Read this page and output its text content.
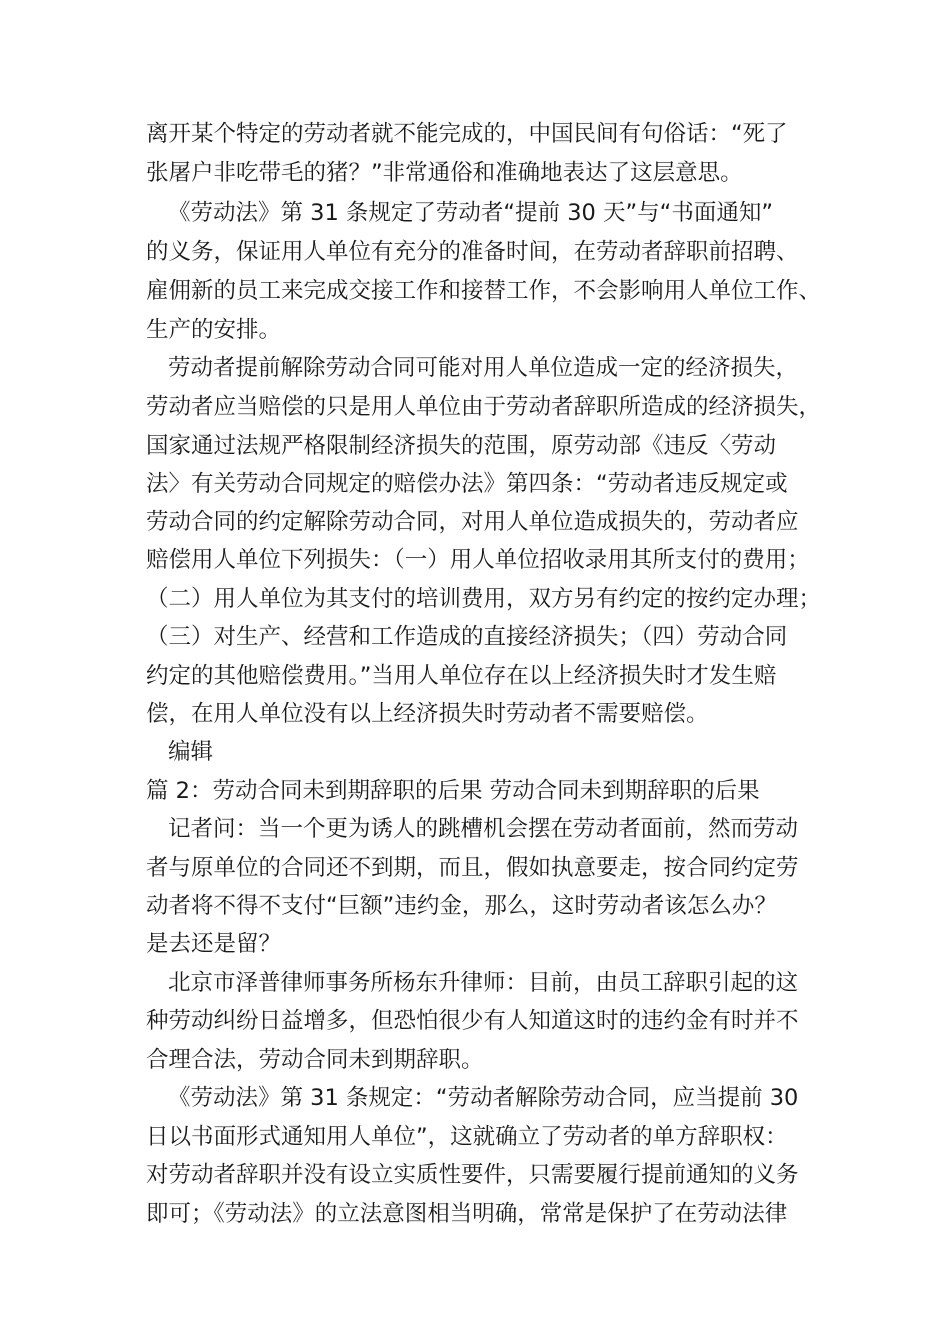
离开某个特定的劳动者就不能完成的，中国民间有句俗话：“死了
张屠户非吃带毛的猪？”非常通俗和准确地表达了这层意思。
《劳动法》第 31 条规定了劳动者“提前 30 天”与“书面通知”
的义务，保证用人单位有充分的准备时间，在劳动者辞职前招聘、
雇佣新的员工来完成交接工作和接替工作，不会影响用人单位工作、
生产的安排。
劳动者提前解除劳动合同可能对用人单位造成一定的经济损失，
劳动者应当赔偿的只是用人单位由于劳动者辞职所造成的经济损失，
国家通过法规严格限制经济损失的范围，原劳动部《违反〈劳动
法〉有关劳动合同规定的赔偿办法》第四条：“劳动者违反规定或
劳动合同的约定解除劳动合同，对用人单位造成损失的，劳动者应
赔偿用人单位下列损失：（一）用人单位招收录用其所支付的费用；
（二）用人单位为其支付的培训费用，双方另有约定的按约定办理；
（三）对生产、经营和工作造成的直接经济损失；（四）劳动合同
约定的其他赔偿费用。”当用人单位存在以上经济损失时才发生赔
偿，在用人单位没有以上经济损失时劳动者不需要赔偿。
编辑
篇 2：劳动合同未到期辞职的后果 劳动合同未到期辞职的后果
记者问：当一个更为诱人的跳槽机会摆在劳动者面前，然而劳动
者与原单位的合同还不到期，而且，假如执意要走，按合同约定劳
动者将不得不支付“巨额”违约金，那么，这时劳动者该怎么办？
是去还是留？
北京市泽普律师事务所杨东升律师：目前，由员工辞职引起的这
种劳动纠纷日益增多，但恐怕很少有人知道这时的违约金有时并不
合理合法，劳动合同未到期辞职。
《劳动法》第 31 条规定：“劳动者解除劳动合同，应当提前 30
日以书面形式通知用人单位”，这就确立了劳动者的单方辞职权：
对劳动者辞职并没有设立实质性要件，只需要履行提前通知的义务
即可；《劳动法》的立法意图相当明确，常常是保护了在劳动法律
